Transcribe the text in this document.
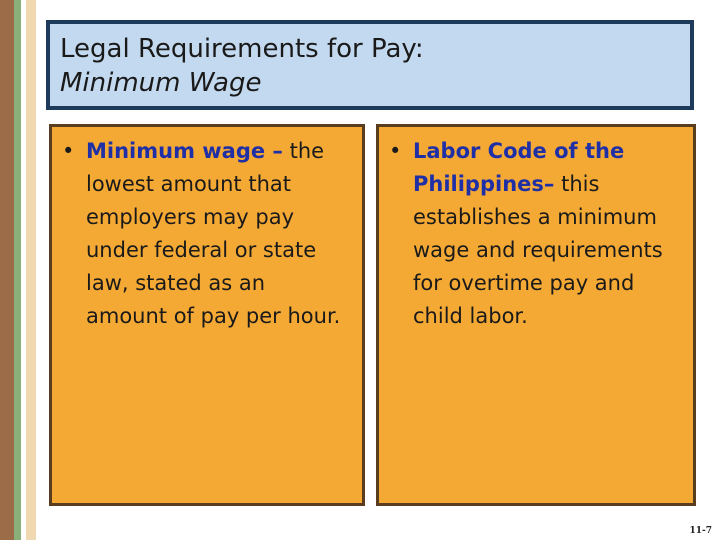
Legal Requirements for Pay:
Minimum Wage
• Minimum wage – the lowest amount that employers may pay under federal or state law, stated as an amount of pay per hour.
• Labor Code of the Philippines– this establishes a minimum wage and requirements for overtime pay and child labor.
11-7
